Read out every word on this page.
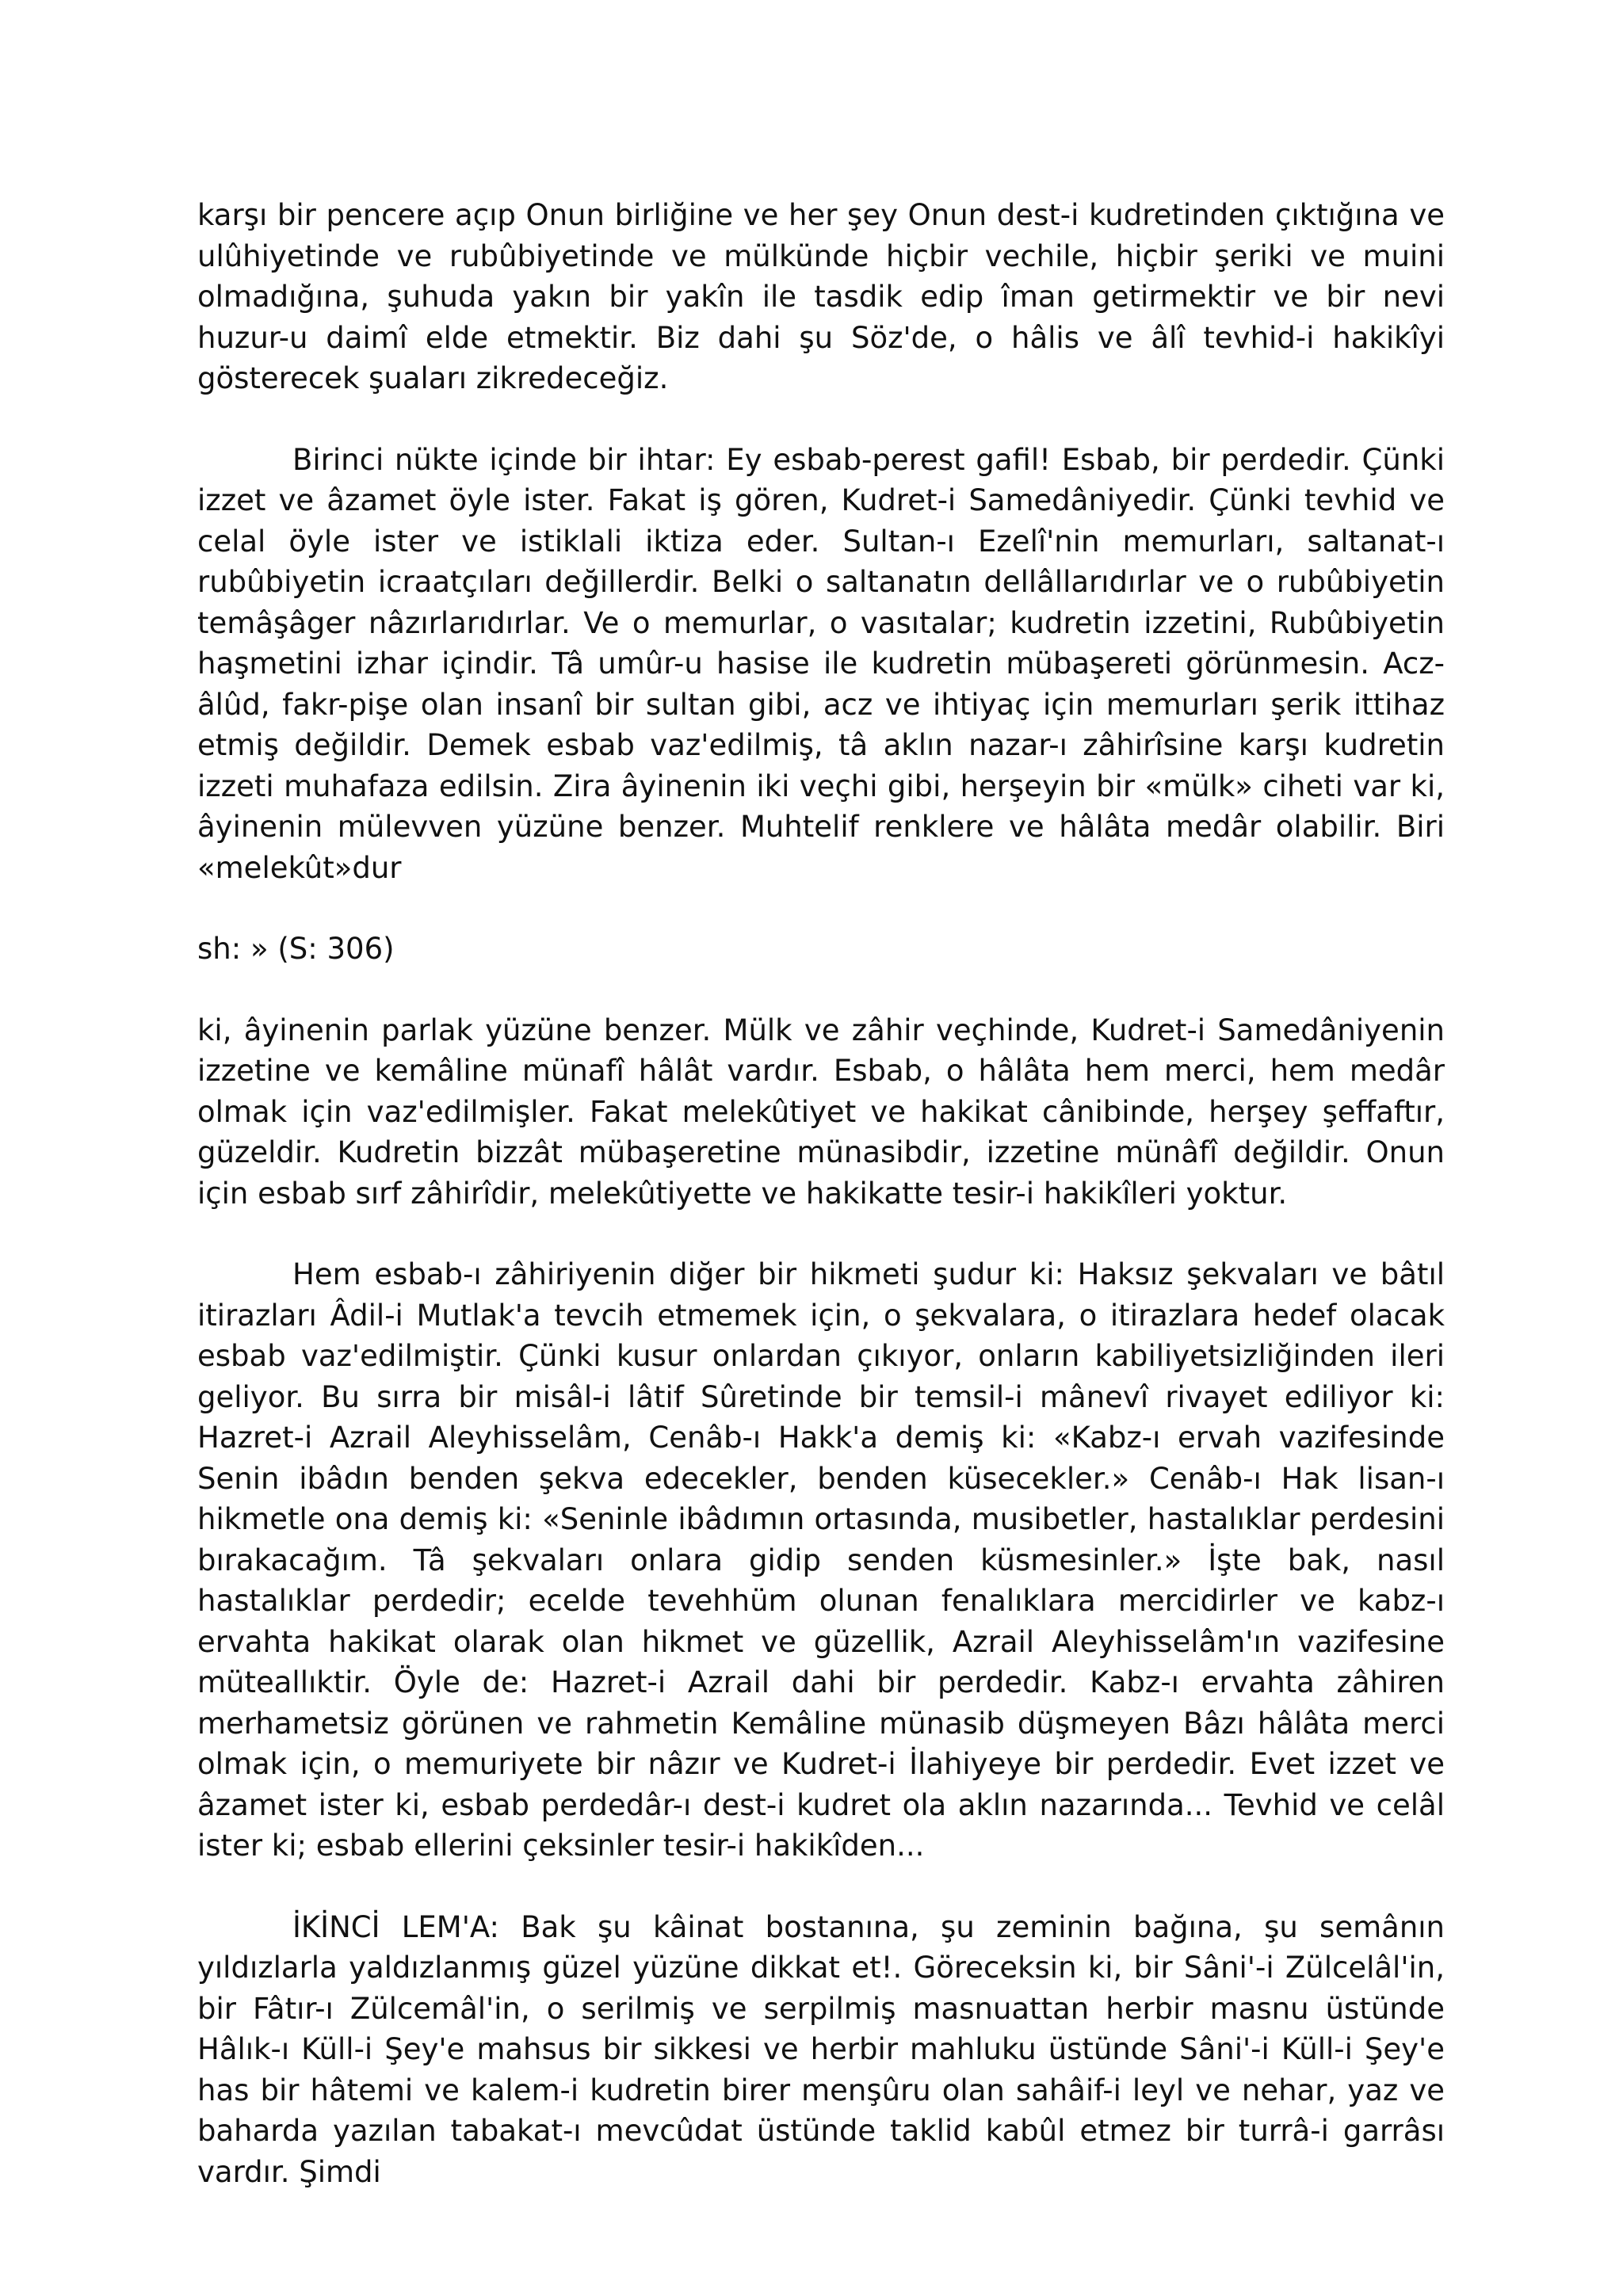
karşı bir pencere açıp Onun birliğine ve her şey Onun dest-i kudretinden çıktığına ve ulûhiyetinde ve rubûbiyetinde ve mülkünde hiçbir vechile, hiçbir şeriki ve muini olmadığına, şuhuda yakın bir yakîn ile tasdik edip îman getirmektir ve bir nevi huzur-u daimî elde etmektir. Biz dahi şu Söz'de, o hâlis ve âlî tevhid-i hakikîyi gösterecek şuaları zikredeceğiz.

Birinci nükte içinde bir ihtar: Ey esbab-perest gafil! Esbab, bir perdedir. Çünki izzet ve âzamet öyle ister. Fakat iş gören, Kudret-i Samedâniyedir. Çünki tevhid ve celal öyle ister ve istiklali iktiza eder. Sultan-ı Ezelî'nin memurları, saltanat-ı rubûbiyetin icraatçıları değillerdir. Belki o saltanatın dellâllarıdırlar ve o rubûbiyetin temâşâger nâzırlarıdırlar. Ve o memurlar, o vasıtalar; kudretin izzetini, Rubûbiyetin haşmetini izhar içindir. Tâ umûr-u hasise ile kudretin mübaşereti görünmesin. Acz-âlûd, fakr-pişe olan insanî bir sultan gibi, acz ve ihtiyaç için memurları şerik ittihaz etmiş değildir. Demek esbab vaz'edilmiş, tâ aklın nazar-ı zâhirîsine karşı kudretin izzeti muhafaza edilsin. Zira âyinenin iki veçhi gibi, herşeyin bir «mülk» ciheti var ki, âyinenin mülevven yüzüne benzer. Muhtelif renklere ve hâlâta medâr olabilir. Biri «melekût»dur

sh: » (S: 306)

ki, âyinenin parlak yüzüne benzer. Mülk ve zâhir veçhinde, Kudret-i Samedâniyenin izzetine ve kemâline münafî hâlât vardır. Esbab, o hâlâta hem merci, hem medâr olmak için vaz'edilmişler. Fakat melekûtiyet ve hakikat cânibinde, herşey şeffaftır, güzeldir. Kudretin bizzât mübaşeretine münasibdir, izzetine münâfî değildir. Onun için esbab sırf zâhirîdir, melekûtiyette ve hakikatte tesir-i hakikîleri yoktur.

Hem esbab-ı zâhiriyenin diğer bir hikmeti şudur ki: Haksız şekvaları ve bâtıl itirazları Âdil-i Mutlak'a tevcih etmemek için, o şekvalara, o itirazlara hedef olacak esbab vaz'edilmiştir. Çünki kusur onlardan çıkıyor, onların kabiliyetsizliğinden ileri geliyor. Bu sırra bir misâl-i lâtif Sûretinde bir temsil-i mânevî rivayet ediliyor ki: Hazret-i Azrail Aleyhisselâm, Cenâb-ı Hakk'a demiş ki: «Kabz-ı ervah vazifesinde Senin ibâdın benden şekva edecekler, benden küsecekler.» Cenâb-ı Hak lisan-ı hikmetle ona demiş ki: «Seninle ibâdımın ortasında, musibetler, hastalıklar perdesini bırakacağım. Tâ şekvaları onlara gidip senden küsmesinler.» İşte bak, nasıl hastalıklar perdedir; ecelde tevehhüm olunan fenalıklara mercidirler ve kabz-ı ervahta hakikat olarak olan hikmet ve güzellik, Azrail Aleyhisselâm'ın vazifesine müteallıktir. Öyle de: Hazret-i Azrail dahi bir perdedir. Kabz-ı ervahta zâhiren merhametsiz görünen ve rahmetin Kemâline münasib düşmeyen Bâzı hâlâta merci olmak için, o memuriyete bir nâzır ve Kudret-i İlahiyeye bir perdedir. Evet izzet ve âzamet ister ki, esbab perdedâr-ı dest-i kudret ola aklın nazarında... Tevhid ve celâl ister ki; esbab ellerini çeksinler tesir-i hakikîden...

İKİNCİ LEM'A: Bak şu kâinat bostanına, şu zeminin bağına, şu semânın yıldızlarla yaldızlanmış güzel yüzüne dikkat et!. Göreceksin ki, bir Sâni'-i Zülcelâl'in, bir Fâtır-ı Zülcemâl'in, o serilmiş ve serpilmiş masnuattan herbir masnu üstünde Hâlık-ı Küll-i Şey'e mahsus bir sikkesi ve herbir mahluku üstünde Sâni'-i Küll-i Şey'e has bir hâtemi ve kalem-i kudretin birer menşûru olan sahâif-i leyl ve nehar, yaz ve baharda yazılan tabakat-ı mevcûdat üstünde taklid kabûl etmez bir turrâ-i garrâsı vardır. Şimdi
